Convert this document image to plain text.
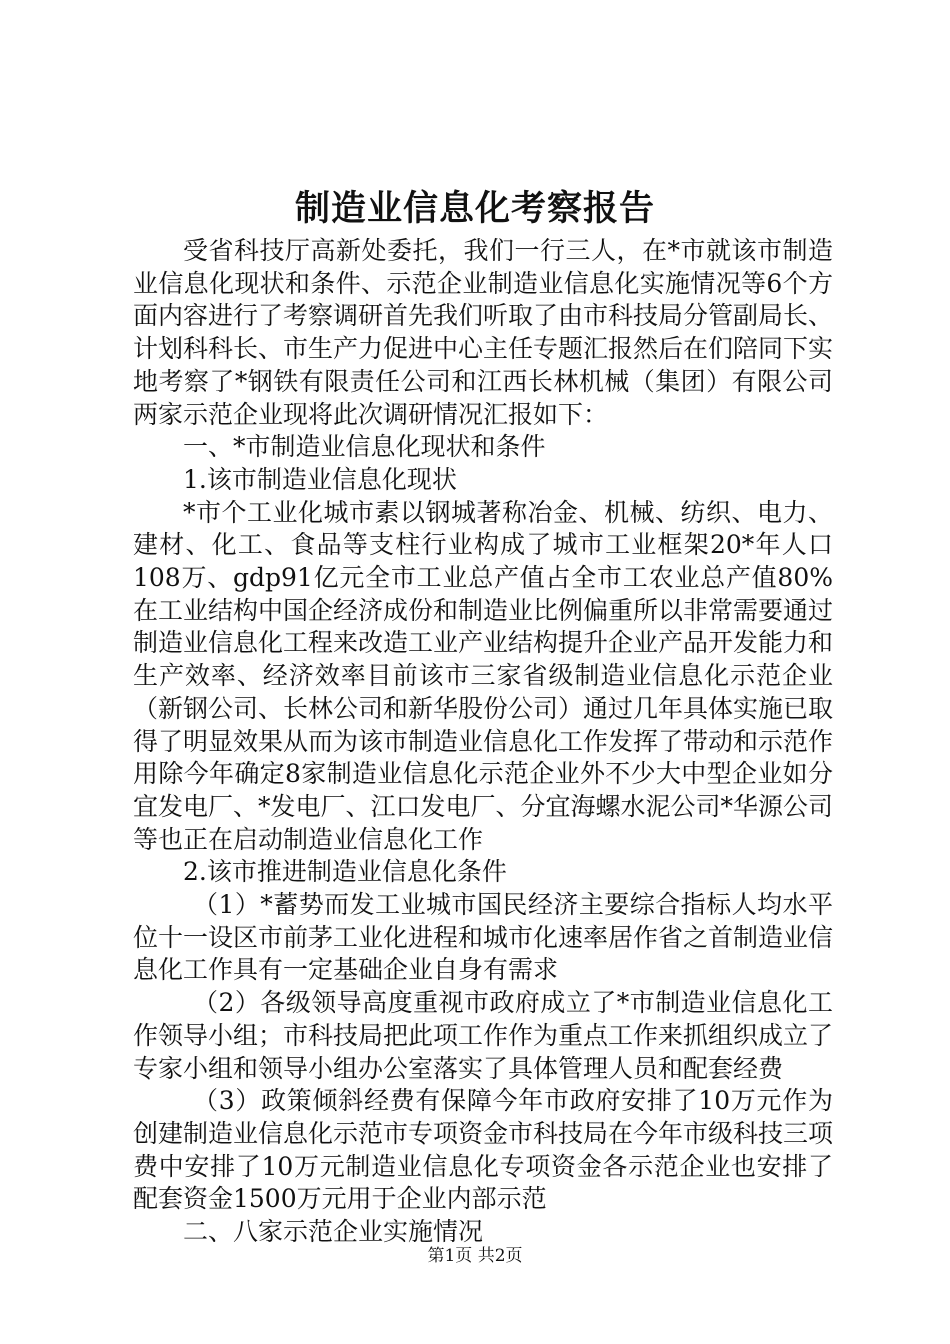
制造业信息化考察报告

受省科技厅高新处委托，我们一行三人，在*市就该市制造业信息化现状和条件、示范企业制造业信息化实施情况等6个方面内容进行了考察调研首先我们听取了由市科技局分管副局长、计划科科长、市生产力促进中心主任专题汇报然后在们陪同下实地考察了*钢铁有限责任公司和江西长林机械（集团）有限公司两家示范企业现将此次调研情况汇报如下：

一、*市制造业信息化现状和条件

1.该市制造业信息化现状

*市个工业化城市素以钢城著称冶金、机械、纺织、电力、建材、化工、食品等支柱行业构成了城市工业框架20*年人口108万、gdp91亿元全市工业总产值占全市工农业总产值80%在工业结构中国企经济成份和制造业比例偏重所以非常需要通过制造业信息化工程来改造工业产业结构提升企业产品开发能力和生产效率、经济效率目前该市三家省级制造业信息化示范企业（新钢公司、长林公司和新华股份公司）通过几年具体实施已取得了明显效果从而为该市制造业信息化工作发挥了带动和示范作用除今年确定8家制造业信息化示范企业外不少大中型企业如分宜发电厂、*发电厂、江口发电厂、分宜海螺水泥公司*华源公司等也正在启动制造业信息化工作

2.该市推进制造业信息化条件

（1）*蓄势而发工业城市国民经济主要综合指标人均水平位十一设区市前茅工业化进程和城市化速率居作省之首制造业信息化工作具有一定基础企业自身有需求

（2）各级领导高度重视市政府成立了*市制造业信息化工作领导小组；市科技局把此项工作作为重点工作来抓组织成立了专家小组和领导小组办公室落实了具体管理人员和配套经费

（3）政策倾斜经费有保障今年市政府安排了10万元作为创建制造业信息化示范市专项资金市科技局在今年市级科技三项费中安排了10万元制造业信息化专项资金各示范企业也安排了配套资金1500万元用于企业内部示范

二、八家示范企业实施情况

第1页 共2页
